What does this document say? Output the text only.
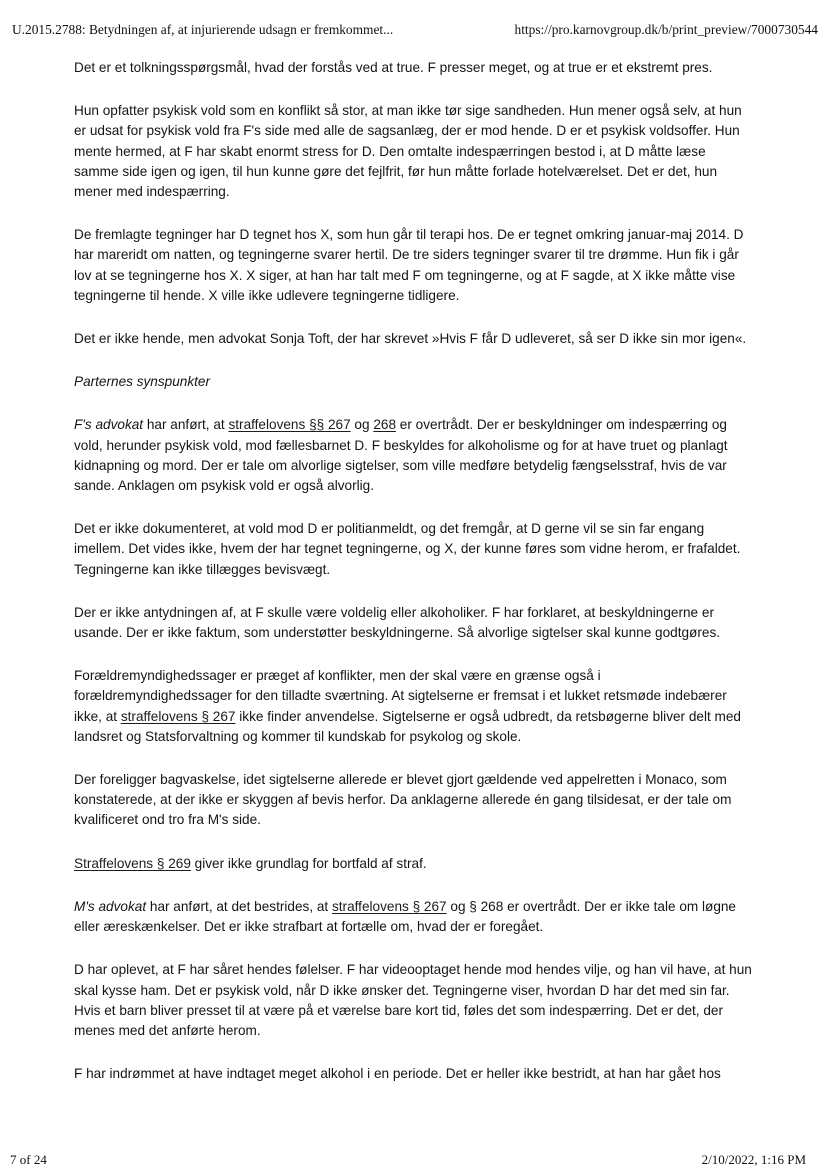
U.2015.2788: Betydningen af, at injurierende udsagn er fremkommet...	https://pro.karnovgroup.dk/b/print_preview/7000730544

Det er et tolkningsspørgsmål, hvad der forstås ved at true. F presser meget, og at true er et ekstremt pres.

Hun opfatter psykisk vold som en konflikt så stor, at man ikke tør sige sandheden. Hun mener også selv, at hun er udsat for psykisk vold fra F's side med alle de sagsanlæg, der er mod hende. D er et psykisk voldsoffer. Hun mente hermed, at F har skabt enormt stress for D. Den omtalte indespærringen bestod i, at D måtte læse samme side igen og igen, til hun kunne gøre det fejlfrit, før hun måtte forlade hotelværelset. Det er det, hun mener med indespærring.

De fremlagte tegninger har D tegnet hos X, som hun går til terapi hos. De er tegnet omkring januar-maj 2014. D har mareridt om natten, og tegningerne svarer hertil. De tre siders tegninger svarer til tre drømme. Hun fik i går lov at se tegningerne hos X. X siger, at han har talt med F om tegningerne, og at F sagde, at X ikke måtte vise tegningerne til hende. X ville ikke udlevere tegningerne tidligere.

Det er ikke hende, men advokat Sonja Toft, der har skrevet »Hvis F får D udleveret, så ser D ikke sin mor igen«.

Parternes synspunkter

F's advokat har anført, at straffelovens §§ 267 og 268 er overtrådt. Der er beskyldninger om indespærring og vold, herunder psykisk vold, mod fællesbarnet D. F beskyldes for alkoholisme og for at have truet og planlagt kidnapning og mord. Der er tale om alvorlige sigtelser, som ville medføre betydelig fængselsstraf, hvis de var sande. Anklagen om psykisk vold er også alvorlig.

Det er ikke dokumenteret, at vold mod D er politianmeldt, og det fremgår, at D gerne vil se sin far engang imellem. Det vides ikke, hvem der har tegnet tegningerne, og X, der kunne føres som vidne herom, er frafaldet. Tegningerne kan ikke tillægges bevisvægt.

Der er ikke antydningen af, at F skulle være voldelig eller alkoholiker. F har forklaret, at beskyldningerne er usande. Der er ikke faktum, som understøtter beskyldningerne. Så alvorlige sigtelser skal kunne godtgøres.

Forældremyndighedssager er præget af konflikter, men der skal være en grænse også i forældremyndighedssager for den tilladte sværtning. At sigtelserne er fremsat i et lukket retsmøde indebærer ikke, at straffelovens § 267 ikke finder anvendelse. Sigtelserne er også udbredt, da retsbøgerne bliver delt med landsret og Statsforvaltning og kommer til kundskab for psykolog og skole.

Der foreligger bagvaskelse, idet sigtelserne allerede er blevet gjort gældende ved appelretten i Monaco, som konstaterede, at der ikke er skyggen af bevis herfor. Da anklagerne allerede én gang tilsidesat, er der tale om kvalificeret ond tro fra M's side.

Straffelovens § 269 giver ikke grundlag for bortfald af straf.

M's advokat har anført, at det bestrides, at straffelovens § 267 og § 268 er overtrådt. Der er ikke tale om løgne eller æreskænkelser. Det er ikke strafbart at fortælle om, hvad der er foregået.

D har oplevet, at F har såret hendes følelser. F har videooptaget hende mod hendes vilje, og han vil have, at hun skal kysse ham. Det er psykisk vold, når D ikke ønsker det. Tegningerne viser, hvordan D har det med sin far. Hvis et barn bliver presset til at være på et værelse bare kort tid, føles det som indespærring. Det er det, der menes med det anførte herom.

F har indrømmet at have indtaget meget alkohol i en periode. Det er heller ikke bestridt, at han har gået hos

7 of 24	2/10/2022, 1:16 PM
